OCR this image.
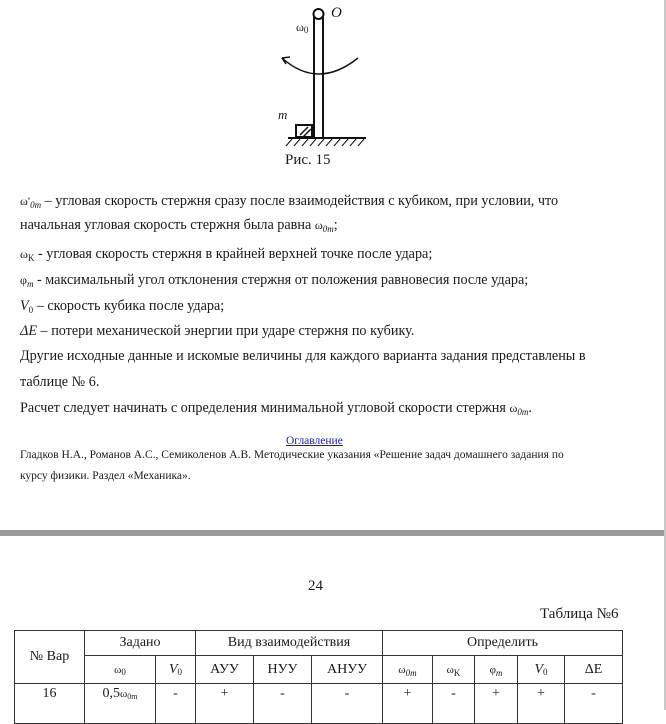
O
ω0
m
Рис. 15
$\omega'_{0m}$ – угловая скорость стержня сразу после взаимодействия с кубиком, при условии, что
начальная угловая скорость стержня была равна $\omega_{0m}$;
$\omega_K$ - угловая скорость стержня в крайней верхней точке после удара;
$\varphi_m$ - максимальный угол отклонения стержня от положения равновесия после удара;
$V_0$ – скорость кубика после удара;
ΔE – потери механической энергии при ударе стержня по кубику.
Другие исходные данные и искомые величины для каждого варианта задания представлены в
таблице № 6.
Расчет следует начинать с определения минимальной угловой скорости стержня $\omega_{0m}$.
Оглавление
Гладков Н.А., Романов А.С., Семиколенов А.В. Методические указания «Решение задач домашнего задания по
курсу физики. Раздел «Механика».
24
Таблица №6
№ Вар	Задано		Вид взаимодействия			Определить				
	ω0	V0	АУУ	НУУ	АНУУ	$\omega_{0m}$	$\omega_K$	$\varphi_m$	V0	ΔE
16	0,5ω0m	-	+	-	-	+	-	+	+	-
